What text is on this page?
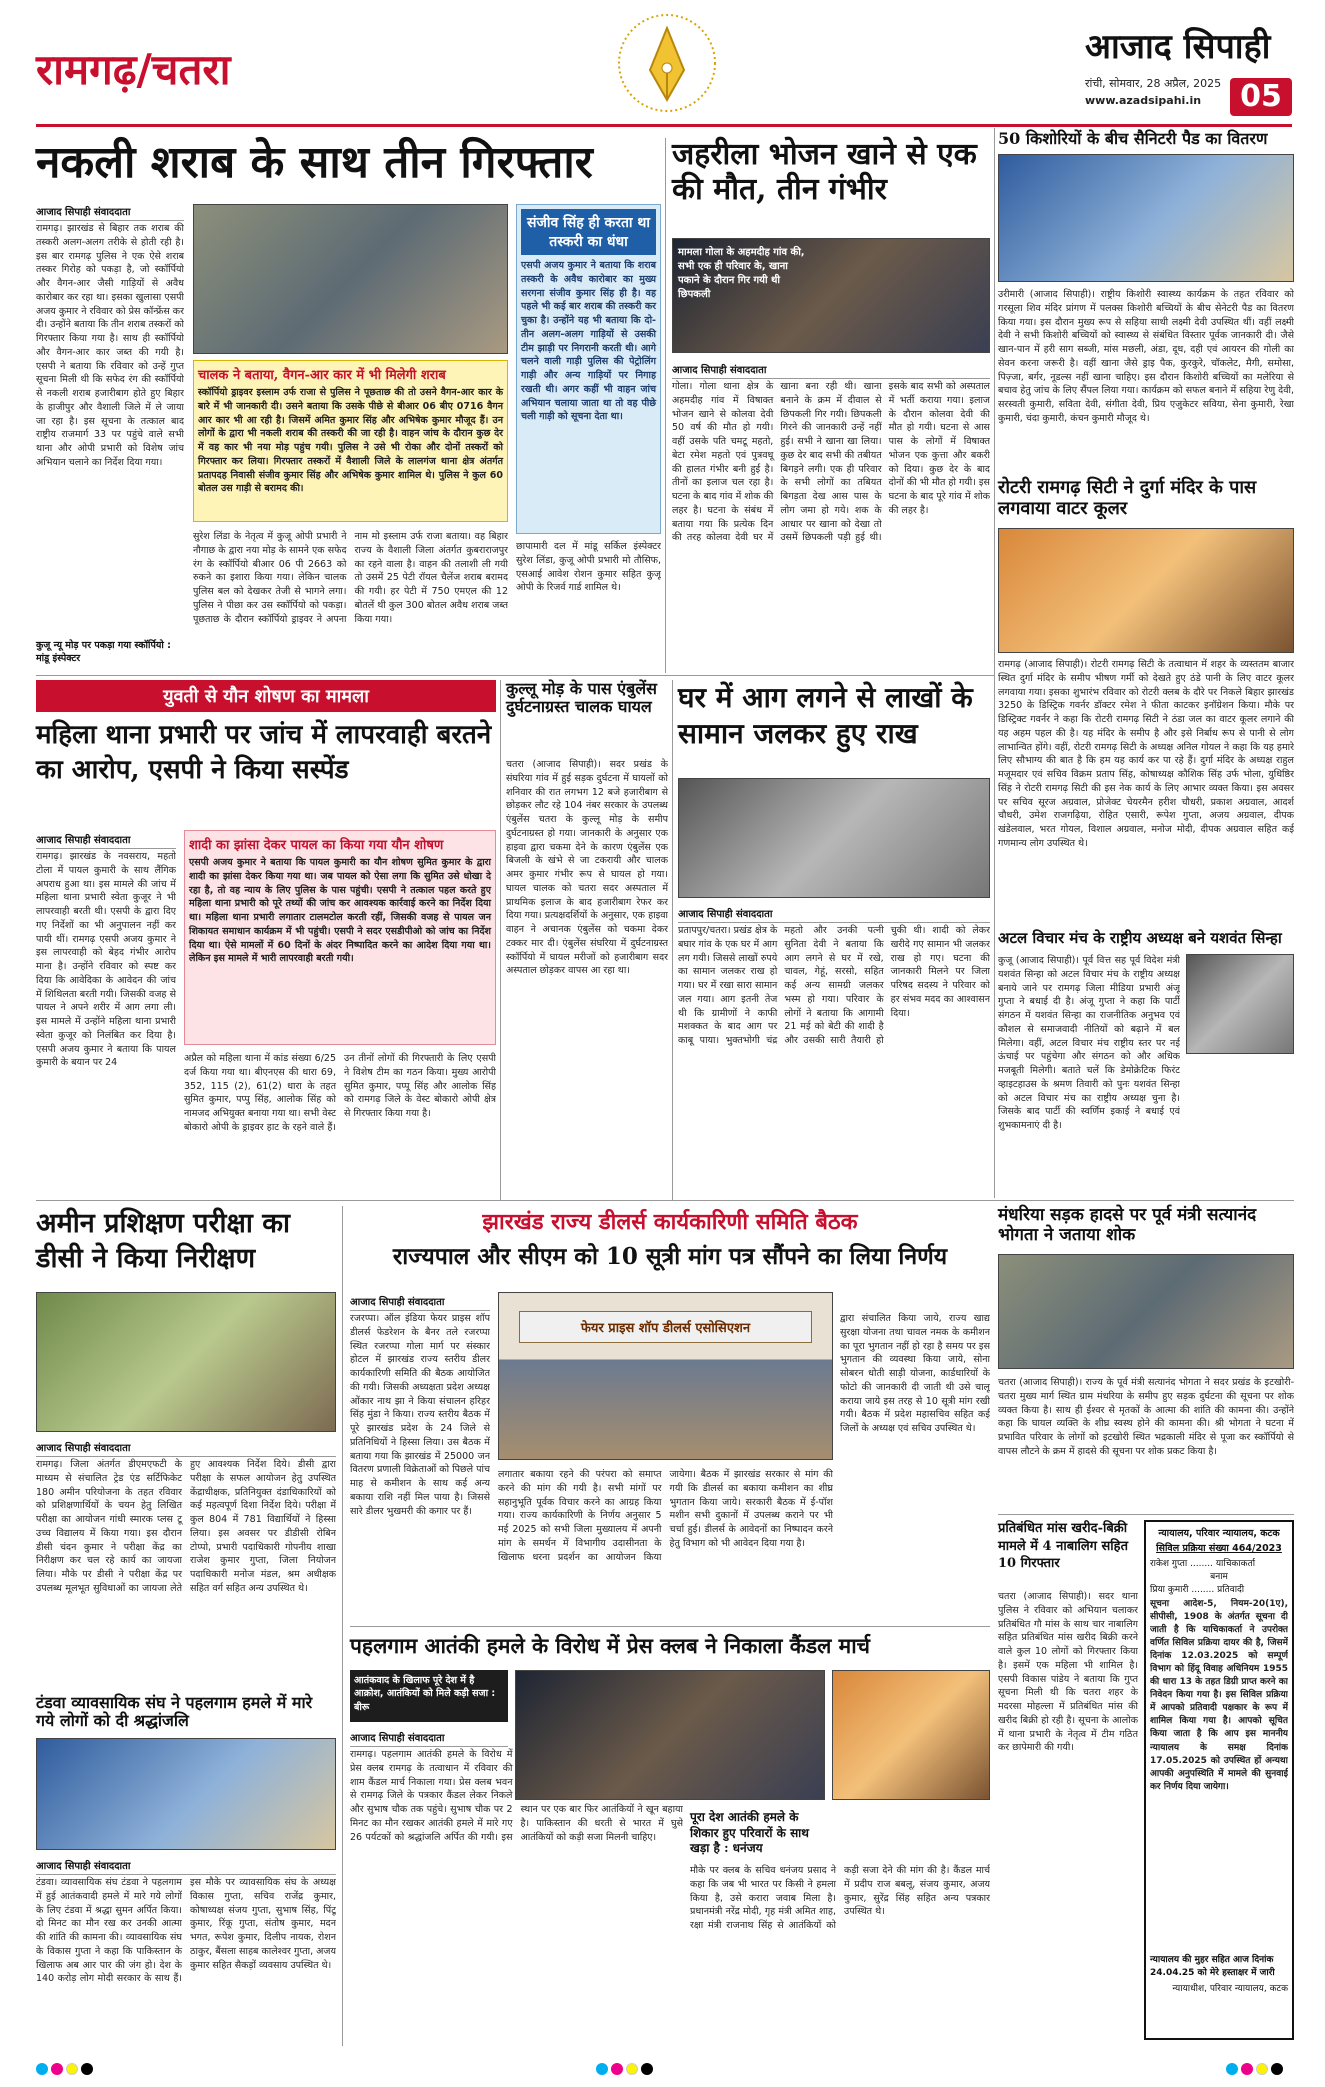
रामगढ़/चतरा	आजाद सिपाही
रांची, सोमवार, 28 अप्रैल, 2025
www.azadsipahi.in	05
नकली शराब के साथ तीन गिरफ्तार
आजाद सिपाही संवाददाता
रामगढ़। झारखंड से बिहार तक शराब की तस्करी अलग-अलग तरीके से होती रही है। इस बार रामगढ़ पुलिस ने एक ऐसे शराब तस्कर गिरोह को पकड़ा है, जो स्कॉर्पियो और वैगन-आर जैसी गाड़ियों से अवैध कारोबार कर रहा था। इसका खुलासा एसपी अजय कुमार ने रविवार को प्रेस कॉन्फ्रेंस कर दी। उन्होंने बताया कि तीन शराब तस्करों को गिरफ्तार किया गया है। साथ ही स्कॉर्पियो और वैगन-आर कार जब्त की गयी है। एसपी ने बताया कि रविवार को उन्हें गुप्त सूचना मिली थी कि सफेद रंग की स्कॉर्पियो से नकली शराब हजारीबाग होते हुए बिहार के हाजीपुर और वैशाली जिले में ले जाया जा रहा है। इस सूचना के तत्काल बाद राष्ट्रीय राजमार्ग 33 पर पहुंचे वाले सभी थाना और ओपी प्रभारी को विशेष जांच अभियान चलाने का निर्देश दिया गया।
चालक ने बताया, वैगन-आर कार में भी मिलेगी शराब
स्कॉर्पियो ड्राइवर इस्लाम उर्फ राजा से पुलिस ने पूछताछ की तो उसने वैगन-आर कार के बारे में भी जानकारी दी। उसने बताया कि उसके पीछे से बीआर 06 बीए 0716 वैगन आर कार भी आ रही है। जिसमें अमित कुमार सिंह और अभिषेक कुमार मौजूद हैं। उन लोगों के द्वारा भी नकली शराब की तस्करी की जा रही है। वाहन जांच के दौरान कुछ देर में वह कार भी नया मोड़ पहुंच गयी। पुलिस ने उसे भी रोका और दोनों तस्करों को गिरफ्तार कर लिया। गिरफ्तार तस्करों में वैशाली जिले के लालगंज थाना क्षेत्र अंतर्गत प्रतापदह निवासी संजीव कुमार सिंह और अभिषेक कुमार शामिल थे। पुलिस ने कुल 60 बोतल उस गाड़ी से बरामद की।
सुरेश लिंडा के नेतृत्व में कुजू ओपी प्रभारी ने नौगाछ के द्वारा नया मोड़ के सामने एक सफेद रंग के स्कॉर्पियो बीआर 06 पी 2663 को रुकने का इशारा किया गया। लेकिन चालक पुलिस बल को देखकर तेजी से भागने लगा। पुलिस ने पीछा कर उस स्कॉर्पियो को पकड़ा। पूछताछ के दौरान स्कॉर्पियो ड्राइवर ने अपना नाम मो इस्लाम उर्फ राजा बताया। वह बिहार राज्य के वैशाली जिला अंतर्गत कुबराराजपुर का रहने वाला है। वाहन की तलाशी ली गयी तो उसमें 25 पेटी रॉयल चैलेंज शराब बरामद की गयी। हर पेटी में 750 एमएल की 12 बोतलें थी कुल 300 बोतल अवैध शराब जब्त किया गया।
संजीव सिंह ही करता था तस्करी का धंधा
एसपी अजय कुमार ने बताया कि शराब तस्करी के अवैध कारोबार का मुख्य सरगना संजीव कुमार सिंह ही है। वह पहले भी कई बार शराब की तस्करी कर चुका है। उन्होंने यह भी बताया कि दो-तीन अलग-अलग गाड़ियों से उसकी टीम झाड़ी पर निगरानी करती थी। आगे चलने वाली गाड़ी पुलिस की पेट्रोलिंग गाड़ी और अन्य गाड़ियों पर निगाह रखती थी। अगर कहीं भी वाहन जांच अभियान चलाया जाता था तो वह पीछे चली गाड़ी को सूचना देता था।
छापामारी दल में मांडू सर्किल इंस्पेक्टर सुरेश लिंडा, कुजू ओपी प्रभारी मो तौसिफ, एसआई आवेश रोशन कुमार सहित कुजू ओपी के रिजर्व गार्ड शामिल थे।
कुजू न्यू मोड़ पर पकड़ा गया स्कॉर्पियो : मांडू इंस्पेक्टर
जहरीला भोजन खाने से एक की मौत, तीन गंभीर
मामला गोला के अहमदीह गांव की, सभी एक ही परिवार के, खाना पकाने के दौरान गिर गयी थी छिपकली
आजाद सिपाही संवाददाता
गोला। गोला थाना क्षेत्र के अहमदीह गांव में विषाक्त भोजन खाने से कोलवा देवी 50 वर्ष की मौत हो गयी। वहीं उसके पति चमटू महतो, बेटा रमेश महतो एवं पुत्रवधू की हालत गंभीर बनी हुई है। तीनों का इलाज चल रहा है। घटना के बाद गांव में शोक की लहर है। घटना के संबंध में बताया गया कि प्रत्येक दिन की तरह कोलवा देवी घर में खाना बना रही थी। खाना बनाने के क्रम में दीवाल से छिपकली गिर गयी। छिपकली गिरने की जानकारी उन्हें नहीं हुई। सभी ने खाना खा लिया। कुछ देर बाद सभी की तबीयत बिगड़ने लगी। एक ही परिवार के सभी लोगों का तबियत बिगड़ता देख आस पास के लोग जमा हो गये। शक के आधार पर खाना को देखा तो उसमें छिपकली पड़ी हुई थी। इसके बाद सभी को अस्पताल में भर्ती कराया गया। इलाज के दौरान कोलवा देवी की मौत हो गयी। घटना से आस पास के लोगों में विषाक्त भोजन एक कुत्ता और बकरी को दिया। कुछ देर के बाद दोनों की भी मौत हो गयी। इस घटना के बाद पूरे गांव में शोक की लहर है।
50 किशोरियों के बीच सैनिटरी पैड का वितरण
उरीमारी (आजाद सिपाही)। राष्ट्रीय किशोरी स्वास्थ्य कार्यक्रम के तहत रविवार को गरसूला शिव मंदिर प्रांगण में पलक्स किशोरी बच्चियों के बीच सेनेटरी पैड का वितरण किया गया। इस दौरान मुख्य रूप से सहिया साथी लक्ष्मी देवी उपस्थित थीं। वहीं लक्ष्मी देवी ने सभी किशोरी बच्चियों को स्वास्थ्य से संबंधित विस्तार पूर्वक जानकारी दी। जैसे खान-पान में हरी साग सब्जी, मांस मछली, अंडा, दूध, दही एवं आयरन की गोली का सेवन करना जरूरी है। वहीं खाना जैसे ड्राइ पैक, कुरकुरे, चॉकलेट, मैगी, समोसा, पिज़्जा, बर्गर, नूडल्स नहीं खाना चाहिए। इस दौरान किशोरी बच्चियों का मलेरिया से बचाव हेतु जांच के लिए सैंपल लिया गया। कार्यक्रम को सफल बनाने में सहिया रेणु देवी, सरस्वती कुमारी, सविता देवी, संगीता देवी, प्रिय एजुकेटर सविया, सेना कुमारी, रेखा कुमारी, चंदा कुमारी, कंचन कुमारी मौजूद थे।
रोटरी रामगढ़ सिटी ने दुर्गा मंदिर के पास लगवाया वाटर कूलर
रामगढ़ (आजाद सिपाही)। रोटरी रामगढ़ सिटी के तत्वाधान में शहर के व्यस्ततम बाजार स्थित दुर्गा मंदिर के समीप भीषण गर्मी को देखते हुए ठंडे पानी के लिए वाटर कूलर लगवाया गया। इसका शुभारंभ रविवार को रोटरी क्लब के दौरे पर निकले बिहार झारखंड 3250 के डिस्ट्रिक गवर्नर डॉक्टर रमेश ने फीता काटकर इनॉग्रेशन किया। मौके पर डिस्ट्रिक्ट गवर्नर ने कहा कि रोटरी रामगढ़ सिटी ने ठंडा जल का वाटर कूलर लगाने की यह अहम पहल की है। यह मंदिर के समीप है और इसे निर्बाध रूप से पानी से लोग लाभान्वित होंगे। वहीं, रोटरी रामगढ़ सिटी के अध्यक्ष अनिल गोयल ने कहा कि यह हमारे लिए सौभाग्य की बात है कि हम यह कार्य कर पा रहे हैं। दुर्गा मंदिर के अध्यक्ष राहुल मजूमदार एवं सचिव विक्रम प्रताप सिंह, कोषाध्यक्ष कौशिक सिंह उर्फ भोला, युधिष्ठिर सिंह ने रोटरी रामगढ़ सिटी की इस नेक कार्य के लिए आभार व्यक्त किया। इस अवसर पर सचिव सूरज अग्रवाल, प्रोजेक्ट चेयरमैन हरीश चौधरी, प्रकाश अग्रवाल, आदर्श चौधरी, उमेश राजगढ़िया, रोहित एसारी, रूपेश गुप्ता, अजय अग्रवाल, दीपक खंडेलवाल, भरत गोयल, विशाल अग्रवाल, मनोज मोदी, दीपक अग्रवाल सहित कई गणमान्य लोग उपस्थित थे।
अटल विचार मंच के राष्ट्रीय अध्यक्ष बने यशवंत सिन्हा
कुजू (आजाद सिपाही)। पूर्व वित्त सह पूर्व विदेश मंत्री यशवंत सिन्हा को अटल विचार मंच के राष्ट्रीय अध्यक्ष बनाये जाने पर रामगढ़ जिला मीडिया प्रभारी अंजू गुप्ता ने बधाई दी है। अंजू गुप्ता ने कहा कि पार्टी संगठन में यशवंत सिन्हा का राजनीतिक अनुभव एवं कौशल से समाजवादी नीतियों को बढ़ाने में बल मिलेगा। वहीं, अटल विचार मंच राष्ट्रीय स्तर पर नई ऊंचाई पर पहुंचेगा और संगठन को और अधिक मजबूती मिलेगी। बताते चलें कि डेमोक्रेटिक फिरंट व्हाइटहाउस के श्रमण तिवारी को पुनः यशवंत सिन्हा को अटल विचार मंच का राष्ट्रीय अध्यक्ष चुना है। जिसके बाद पार्टी की स्वर्णिम इकाई ने बधाई एवं शुभकामनाएं दी है।
युवती से यौन शोषण का मामला
महिला थाना प्रभारी पर जांच में लापरवाही बरतने का आरोप, एसपी ने किया सस्पेंड
आजाद सिपाही संवाददाता
रामगढ़। झारखंड के नवसराय, महतो टोला में पायल कुमारी के साथ लैंगिक अपराध हुआ था। इस मामले की जांच में महिला थाना प्रभारी स्वेता कुजूर ने भी लापरवाही बरती थी। एसपी के द्वारा दिए गए निर्देशों का भी अनुपालन नहीं कर पायी थीं। रामगढ़ एसपी अजय कुमार ने इस लापरवाही को बेहद गंभीर आरोप माना है। उन्होंने रविवार को स्पष्ट कर दिया कि आवेदिका के आवेदन की जांच में शिथिलता बरती गयी। जिसकी वजह से पायल ने अपने शरीर में आग लगा ली। इस मामले में उन्होंने महिला थाना प्रभारी स्वेता कुजूर को निलंबित कर दिया है। एसपी अजय कुमार ने बताया कि पायल कुमारी के बयान पर 24
शादी का झांसा देकर पायल का किया गया यौन शोषण
एसपी अजय कुमार ने बताया कि पायल कुमारी का यौन शोषण सुमित कुमार के द्वारा शादी का झांसा देकर किया गया था। जब पायल को ऐसा लगा कि सुमित उसे धोखा दे रहा है, तो वह न्याय के लिए पुलिस के पास पहुंची। एसपी ने तत्काल पहल करते हुए महिला थाना प्रभारी को पूरे तथ्यों की जांच कर आवश्यक कार्रवाई करने का निर्देश दिया था। महिला थाना प्रभारी लगातार टालमटोल करती रहीं, जिसकी वजह से पायल जन शिकायत समाधान कार्यक्रम में भी पहुंची। एसपी ने सदर एसडीपीओ को जांच का निर्देश दिया था। ऐसे मामलों में 60 दिनों के अंदर निष्पादित करने का आदेश दिया गया था। लेकिन इस मामले में भारी लापरवाही बरती गयी।
अप्रैल को महिला थाना में कांड संख्या 6/25 दर्ज किया गया था। बीएनएस की धारा 69, 352, 115 (2), 61(2) धारा के तहत सुमित कुमार, पप्पु सिंह, आलोक सिंह को नामजद अभियुक्त बनाया गया था। सभी वेस्ट बोकारो ओपी के ड्राइवर हाट के रहने वाले हैं। उन तीनों लोगों की गिरफ्तारी के लिए एसपी ने विशेष टीम का गठन किया। मुख्य आरोपी सुमित कुमार, पप्पू सिंह और आलोक सिंह को रामगढ़ जिले के वेस्ट बोकारो ओपी क्षेत्र से गिरफ्तार किया गया है।
कुल्लू मोड़ के पास एंबुलेंस दुर्घटनाग्रस्त चालक घायल
चतरा (आजाद सिपाही)। सदर प्रखंड के संघरिया गांव में हुई सड़क दुर्घटना में घायलों को शनिवार की रात लगभग 12 बजे हजारीबाग से छोड़कर लौट रहे 104 नंबर सरकार के उपलब्ध एंबुलेंस चतरा के कुल्लू मोड़ के समीप दुर्घटनाग्रस्त हो गया। जानकारी के अनुसार एक हाइवा द्वारा चकमा देने के कारण एंबुलेंस एक बिजली के खंभे से जा टकरायी और चालक अमर कुमार गंभीर रूप से घायल हो गया। घायल चालक को चतरा सदर अस्पताल में प्राथमिक इलाज के बाद हजारीबाग रेफर कर दिया गया। प्रत्यक्षदर्शियों के अनुसार, एक हाइवा वाहन ने अचानक एंबुलेंस को चकमा देकर टक्कर मार दी। एंबुलेंस संघरिया में दुर्घटनाग्रस्त स्कॉर्पियो में घायल मरीजों को हजारीबाग सदर अस्पताल छोड़कर वापस आ रहा था।
घर में आग लगने से लाखों के सामान जलकर हुए राख
आजाद सिपाही संवाददाता
प्रतापपुर/चतरा। प्रखंड क्षेत्र के बघार गांव के एक घर में आग लग गयी। जिससे लाखों रुपये का सामान जलकर राख हो गया। घर में रखा सारा सामान जल गया। आग इतनी तेज थी कि ग्रामीणों ने काफी मशक्कत के बाद आग पर काबू पाया। भुक्तभोगी चंद्र महतो और उनकी पत्नी सुनिता देवी ने बताया कि आग लगने से घर में रखे, चावल, गेहूं, सरसो, सहित कई अन्य सामग्री जलकर भस्म हो गया। परिवार के लोगों ने बताया कि आगामी 21 मई को बेटी की शादी है और उसकी सारी तैयारी हो चुकी थी। शादी को लेकर खरीदे गए सामान भी जलकर राख हो गए। घटना की जानकारी मिलने पर जिला परिषद सदस्य ने परिवार को हर संभव मदद का आश्वासन दिया।
अमीन प्रशिक्षण परीक्षा का डीसी ने किया निरीक्षण
आजाद सिपाही संवाददाता
रामगढ़। जिला अंतर्गत डीएमएफटी के माध्यम से संचालित ट्रेड एंड सर्टिफिकेट 180 अमीन परियोजना के तहत रविवार को प्रशिक्षणार्थियों के चयन हेतु लिखित परीक्षा का आयोजन गांधी स्मारक प्लस टू उच्च विद्यालय में किया गया। इस दौरान डीसी चंदन कुमार ने परीक्षा केंद्र का निरीक्षण कर चल रहे कार्य का जायजा लिया। मौके पर डीसी ने परीक्षा केंद्र पर उपलब्ध मूलभूत सुविधाओं का जायजा लेते हुए आवश्यक निर्देश दिये। डीसी द्वारा परीक्षा के सफल आयोजन हेतु उपस्थित केंद्राधीक्षक, प्रतिनियुक्त दंडाधिकारियों को कई महत्वपूर्ण दिशा निर्देश दिये। परीक्षा में कुल 804 में 781 विद्यार्थियों ने हिस्सा लिया। इस अवसर पर डीडीसी रोबिन टोप्पो, प्रभारी पदाधिकारी गोपनीय शाखा राजेश कुमार गुप्ता, जिला नियोजन पदाधिकारी मनोज मंडल, श्रम अधीक्षक सहित वर्ग सहित अन्य उपस्थित थे।
टंडवा व्यावसायिक संघ ने पहलगाम हमले में मारे गये लोगों को दी श्रद्धांजलि
आजाद सिपाही संवाददाता
टंडवा। व्यावसायिक संघ टंडवा ने पहलगाम में हुई आतंकवादी हमले में मारे गये लोगों के लिए टंडवा में श्रद्धा सुमन अर्पित किया। दो मिनट का मौन रख कर उनकी आत्मा की शांति की कामना की। व्यावसायिक संघ के विकास गुप्ता ने कहा कि पाकिस्तान के खिलाफ अब आर पार की जंग हो। देश के 140 करोड़ लोग मोदी सरकार के साथ हैं। इस मौके पर व्यावसायिक संघ के अध्यक्ष विकास गुप्ता, सचिव राजेंद्र कुमार, कोषाध्यक्ष संजय गुप्ता, सुभाष सिंह, पिंटू कुमार, रिंकू गुप्ता, संतोष कुमार, मदन भगत, रूपेश कुमार, दिलीप नायक, रोशन ठाकुर, बैंसला साहब कालेश्वर गुप्ता, अजय कुमार सहित सैकड़ों व्यवसाय उपस्थित थे।
झारखंड राज्य डीलर्स कार्यकारिणी समिति बैठक
राज्यपाल और सीएम को 10 सूत्री मांग पत्र सौंपने का लिया निर्णय
आजाद सिपाही संवाददाता
रजरप्पा। ऑल इंडिया फेयर प्राइस शॉप डीलर्स फेडरेशन के बैनर तले रजरप्पा स्थित रजरप्पा गोला मार्ग पर संस्कार होटल में झारखंड राज्य स्तरीय डीलर कार्यकारिणी समिति की बैठक आयोजित की गयी। जिसकी अध्यक्षता प्रदेश अध्यक्ष ओंकार नाथ झा ने किया संचालन हरिहर सिंह मुंडा ने किया। राज्य स्तरीय बैठक में पूरे झारखंड प्रदेश के 24 जिले से प्रतिनिधियों ने हिस्सा लिया। उस बैठक में बताया गया कि झारखंड में 25000 जन वितरण प्रणाली विक्रेताओं को पिछले पांच माह से कमीशन के साथ कई अन्य बकाया राशि नहीं मिल पाया है। जिससे सारे डीलर भुखमरी की कगार पर हैं।
फेयर प्राइस शॉप डीलर्स एसोसिएशन
लगातार बकाया रहने की परंपरा को समाप्त करने की मांग की गयी है। सभी मांगों पर सहानुभूति पूर्वक विचार करने का आग्रह किया गया। राज्य कार्यकारिणी के निर्णय अनुसार 5 मई 2025 को सभी जिला मुख्यालय में अपनी मांग के समर्थन में विभागीय उदासीनता के खिलाफ धरना प्रदर्शन का आयोजन किया जायेगा। बैठक में झारखंड सरकार से मांग की गयी कि डीलर्स का बकाया कमीशन का शीघ्र भुगतान किया जाये। सरकारी बैठक में ई-पॉश मशीन सभी दुकानों में उपलब्ध कराने पर भी चर्चा हुई। डीलर्स के आवेदनों का निष्पादन करने हेतु विभाग को भी आवेदन दिया गया है।
द्वारा संचालित किया जाये, राज्य खाद्य सुरक्षा योजना तथा चावल नमक के कमीशन का पूरा भुगतान नहीं हो रहा है समय पर इस भुगतान की व्यवस्था किया जाये, सोना सोबरन धोती साड़ी योजना, कार्डधारियों के फोटो की जानकारी दी जाती थी उसे चालू कराया जाये इस तरह से 10 सूत्री मांग रखी गयी। बैठक में प्रदेश महासचिव सहित कई जिलों के अध्यक्ष एवं सचिव उपस्थित थे।
पहलगाम आतंकी हमले के विरोध में प्रेस क्लब ने निकाला कैंडल मार्च
आतंकवाद के खिलाफ पूरे देश में है आक्रोश, आतंकियों को मिले कड़ी सजा : बीरू
आजाद सिपाही संवाददाता
रामगढ़। पहलगाम आतंकी हमले के विरोध में प्रेस क्लब रामगढ़ के तत्वाधान में रविवार की शाम कैंडल मार्च निकाला गया। प्रेस क्लब भवन से रामगढ़ जिले के पत्रकार कैंडल लेकर निकले और सुभाष चौक तक पहुंचे। सुभाष चौक पर 2 मिनट का मौन रखकर आतंकी हमले में मारे गए 26 पर्यटकों को श्रद्धांजलि अर्पित की गयी। इस स्थान पर एक बार फिर आतंकियों ने खून बहाया है। पाकिस्तान की धरती से भारत में घुसे आतंकियों को कड़ी सजा मिलनी चाहिए।
पूरा देश आतंकी हमले के शिकार हुए परिवारों के साथ खड़ा है : धनंजय
मौके पर क्लब के सचिव धनंजय प्रसाद ने कहा कि जब भी भारत पर किसी ने हमला किया है, उसे करारा जवाब मिला है। प्रधानमंत्री नरेंद्र मोदी, गृह मंत्री अमित शाह, रक्षा मंत्री राजनाथ सिंह से आतंकियों को कड़ी सजा देने की मांग की है। कैंडल मार्च में प्रदीप राज बबलू, संजय कुमार, अजय कुमार, सुरेंद्र सिंह सहित अन्य पत्रकार उपस्थित थे।
मंधरिया सड़क हादसे पर पूर्व मंत्री सत्यानंद भोगता ने जताया शोक
चतरा (आजाद सिपाही)। राज्य के पूर्व मंत्री सत्यानंद भोगता ने सदर प्रखंड के इटखोरी-चतरा मुख्य मार्ग स्थित ग्राम मंधरिया के समीप हुए सड़क दुर्घटना की सूचना पर शोक व्यक्त किया है। साथ ही ईश्वर से मृतकों के आत्मा की शांति की कामना की। उन्होंने कहा कि घायल व्यक्ति के शीघ्र स्वस्थ होने की कामना की। श्री भोगता ने घटना में प्रभावित परिवार के लोगों को इटखोरी स्थित भद्रकाली मंदिर से पूजा कर स्कॉर्पियो से वापस लौटने के क्रम में हादसे की सूचना पर शोक प्रकट किया है।
प्रतिबंधित मांस खरीद-बिक्री मामले में 4 नाबालिग सहित 10 गिरफ्तार
चतरा (आजाद सिपाही)। सदर थाना पुलिस ने रविवार को अभियान चलाकर प्रतिबंधित गौ मांस के साथ चार नाबालिग सहित प्रतिबंधित मांस खरीद बिक्री करने वाले कुल 10 लोगों को गिरफ्तार किया है। इसमें एक महिला भी शामिल है। एसपी विकास पांडेय ने बताया कि गुप्त सूचना मिली थी कि चतरा शहर के मदरसा मोहल्ला में प्रतिबंधित मांस की खरीद बिक्री हो रही है। सूचना के आलोक में थाना प्रभारी के नेतृत्व में टीम गठित कर छापेमारी की गयी।
न्यायालय, परिवार न्यायालय, कटक
सिविल प्रक्रिया संख्या 464/2023
राकेश गुप्ता ........ याचिकाकर्ता
बनाम
प्रिया कुमारी ........ प्रतिवादी
सूचना आदेश-5, नियम-20(1ए), सीपीसी, 1908 के अंतर्गत सूचना दी जाती है कि याचिकाकर्ता ने उपरोक्त वर्णित सिविल प्रक्रिया दायर की है, जिसमें दिनांक 12.03.2025 को सम्पूर्ण विभाग को हिंदू विवाह अधिनियम 1955 की धारा 13 के तहत डिग्री प्राप्त करने का निवेदन किया गया है। इस सिविल प्रक्रिया में आपको प्रतिवादी पक्षकार के रूप में शामिल किया गया है। आपको सूचित किया जाता है कि आप इस माननीय न्यायालय के समक्ष दिनांक 17.05.2025 को उपस्थित हों अन्यथा आपकी अनुपस्थिति में मामले की सुनवाई कर निर्णय दिया जायेगा।
न्यायालय की मुहर सहित आज दिनांक 24.04.25 को मेरे हस्ताक्षर में जारी
न्यायाधीश, परिवार न्यायालय, कटक
